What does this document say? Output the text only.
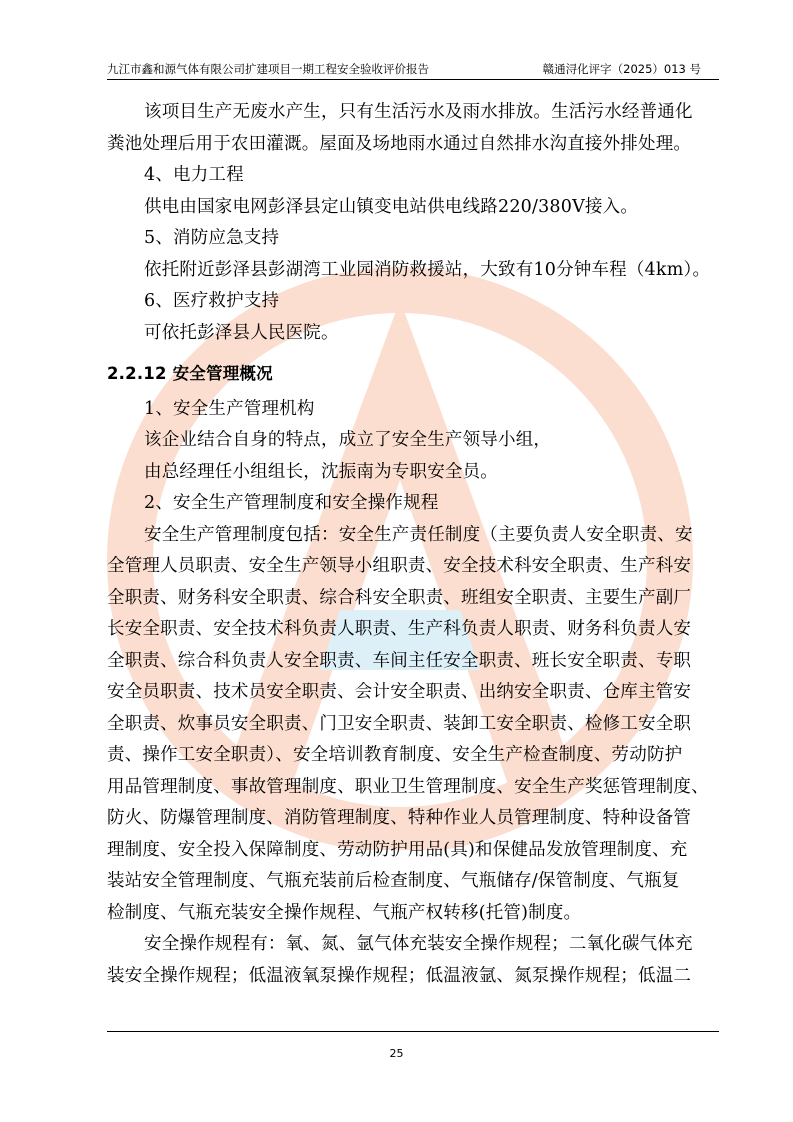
九江市鑫和源气体有限公司扩建项目一期工程安全验收评价报告	赣通浔化评字（2025）013 号
该项目生产无废水产生，只有生活污水及雨水排放。生活污水经普通化
粪池处理后用于农田灌溉。屋面及场地雨水通过自然排水沟直接外排处理。
4、电力工程
供电由国家电网彭泽县定山镇变电站供电线路220/380V接入。
5、消防应急支持
依托附近彭泽县彭湖湾工业园消防救援站，大致有10分钟车程（4km）。
6、医疗救护支持
可依托彭泽县人民医院。
2.2.12 安全管理概况
1、安全生产管理机构
该企业结合自身的特点，成立了安全生产领导小组，
由总经理任小组组长，沈振南为专职安全员。
2、安全生产管理制度和安全操作规程
安全生产管理制度包括：安全生产责任制度（主要负责人安全职责、安
全管理人员职责、安全生产领导小组职责、安全技术科安全职责、生产科安
全职责、财务科安全职责、综合科安全职责、班组安全职责、主要生产副厂
长安全职责、安全技术科负责人职责、生产科负责人职责、财务科负责人安
全职责、综合科负责人安全职责、车间主任安全职责、班长安全职责、专职
安全员职责、技术员安全职责、会计安全职责、出纳安全职责、仓库主管安
全职责、炊事员安全职责、门卫安全职责、装卸工安全职责、检修工安全职
责、操作工安全职责）、安全培训教育制度、安全生产检查制度、劳动防护
用品管理制度、事故管理制度、职业卫生管理制度、安全生产奖惩管理制度、
防火、防爆管理制度、消防管理制度、特种作业人员管理制度、特种设备管
理制度、安全投入保障制度、劳动防护用品(具)和保健品发放管理制度、充
装站安全管理制度、气瓶充装前后检查制度、气瓶储存/保管制度、气瓶复
检制度、气瓶充装安全操作规程、气瓶产权转移(托管)制度。
安全操作规程有：氧、氮、氩气体充装安全操作规程；二氧化碳气体充
装安全操作规程；低温液氧泵操作规程；低温液氩、氮泵操作规程；低温二
25
